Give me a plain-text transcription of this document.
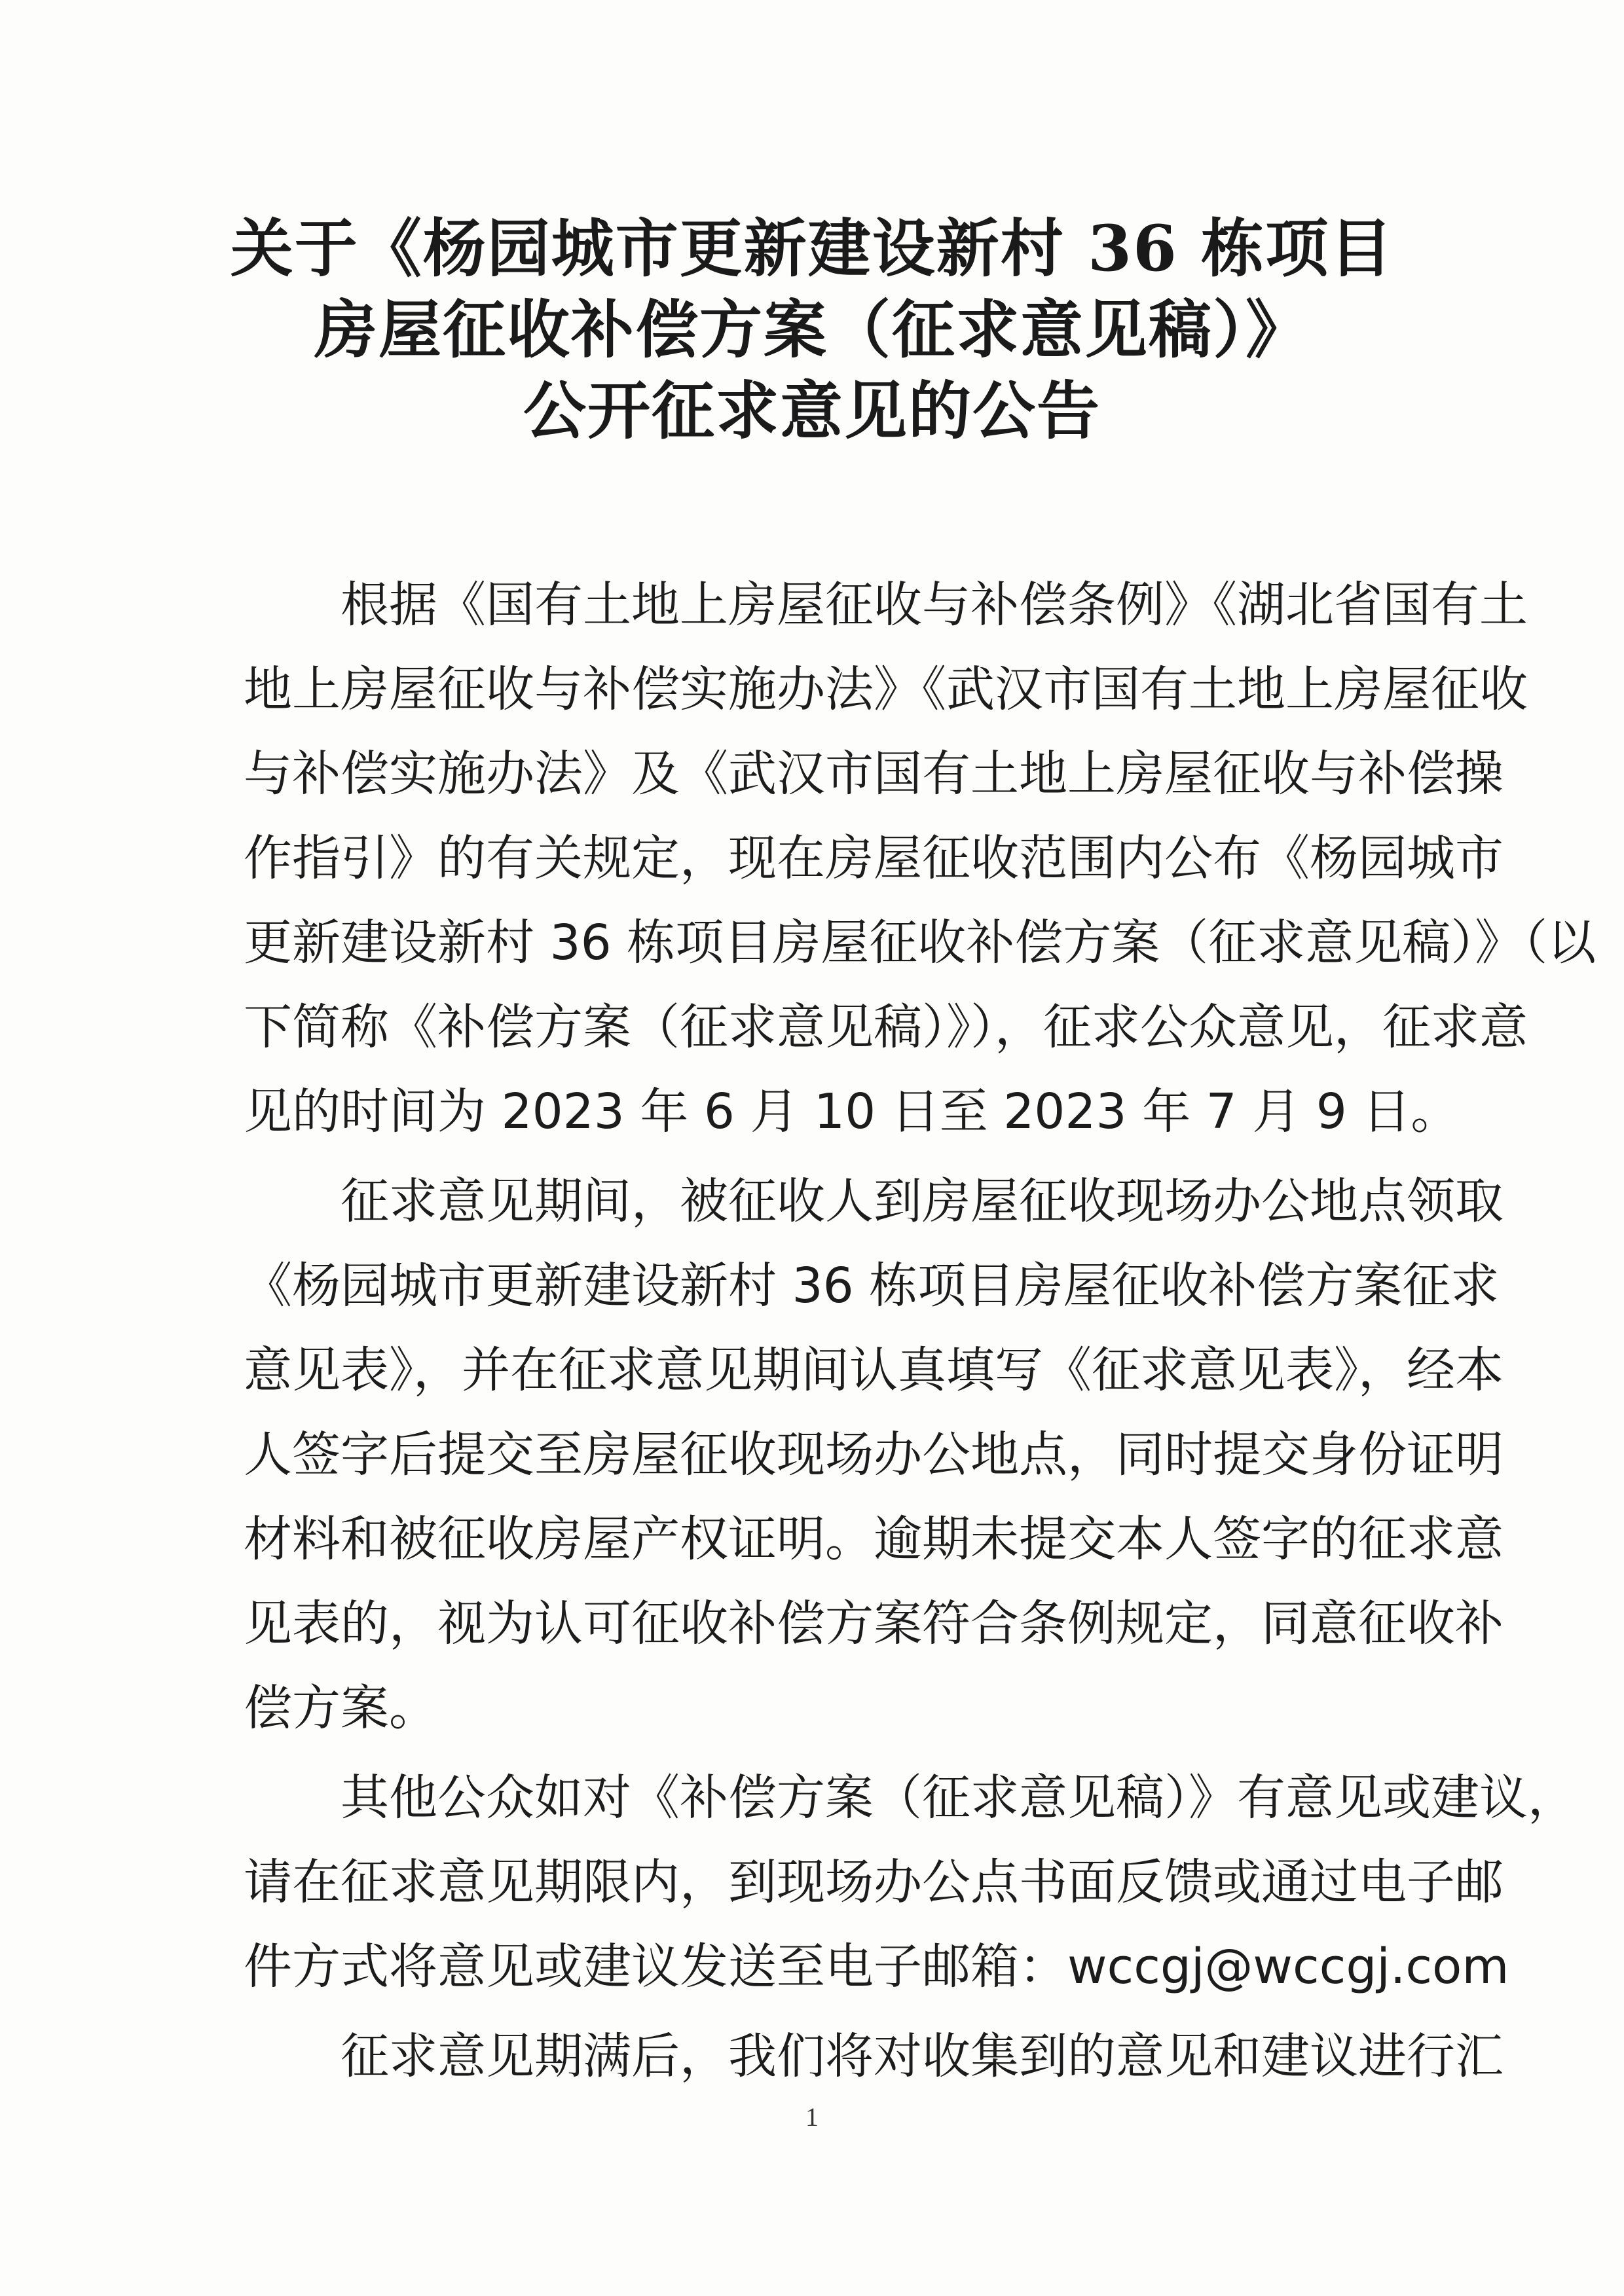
关于《杨园城市更新建设新村 36 栋项目
房屋征收补偿方案（征求意见稿）》
公开征求意见的公告

根据《国有土地上房屋征收与补偿条例》《湖北省国有土

地上房屋征收与补偿实施办法》《武汉市国有土地上房屋征收

与补偿实施办法》及《武汉市国有土地上房屋征收与补偿操

作指引》的有关规定，现在房屋征收范围内公布《杨园城市

更新建设新村 36 栋项目房屋征收补偿方案（征求意见稿）》（以

下简称《补偿方案（征求意见稿）》），征求公众意见，征求意

见的时间为 2023 年 6 月 10 日至 2023 年 7 月 9 日。

征求意见期间，被征收人到房屋征收现场办公地点领取

《杨园城市更新建设新村 36 栋项目房屋征收补偿方案征求

意见表》，并在征求意见期间认真填写《征求意见表》，经本

人签字后提交至房屋征收现场办公地点，同时提交身份证明

材料和被征收房屋产权证明。逾期未提交本人签字的征求意

见表的，视为认可征收补偿方案符合条例规定，同意征收补

偿方案。

其他公众如对《补偿方案（征求意见稿）》有意见或建议，

请在征求意见期限内，到现场办公点书面反馈或通过电子邮

件方式将意见或建议发送至电子邮箱：wccgj@wccgj.com

征求意见期满后，我们将对收集到的意见和建议进行汇

1
